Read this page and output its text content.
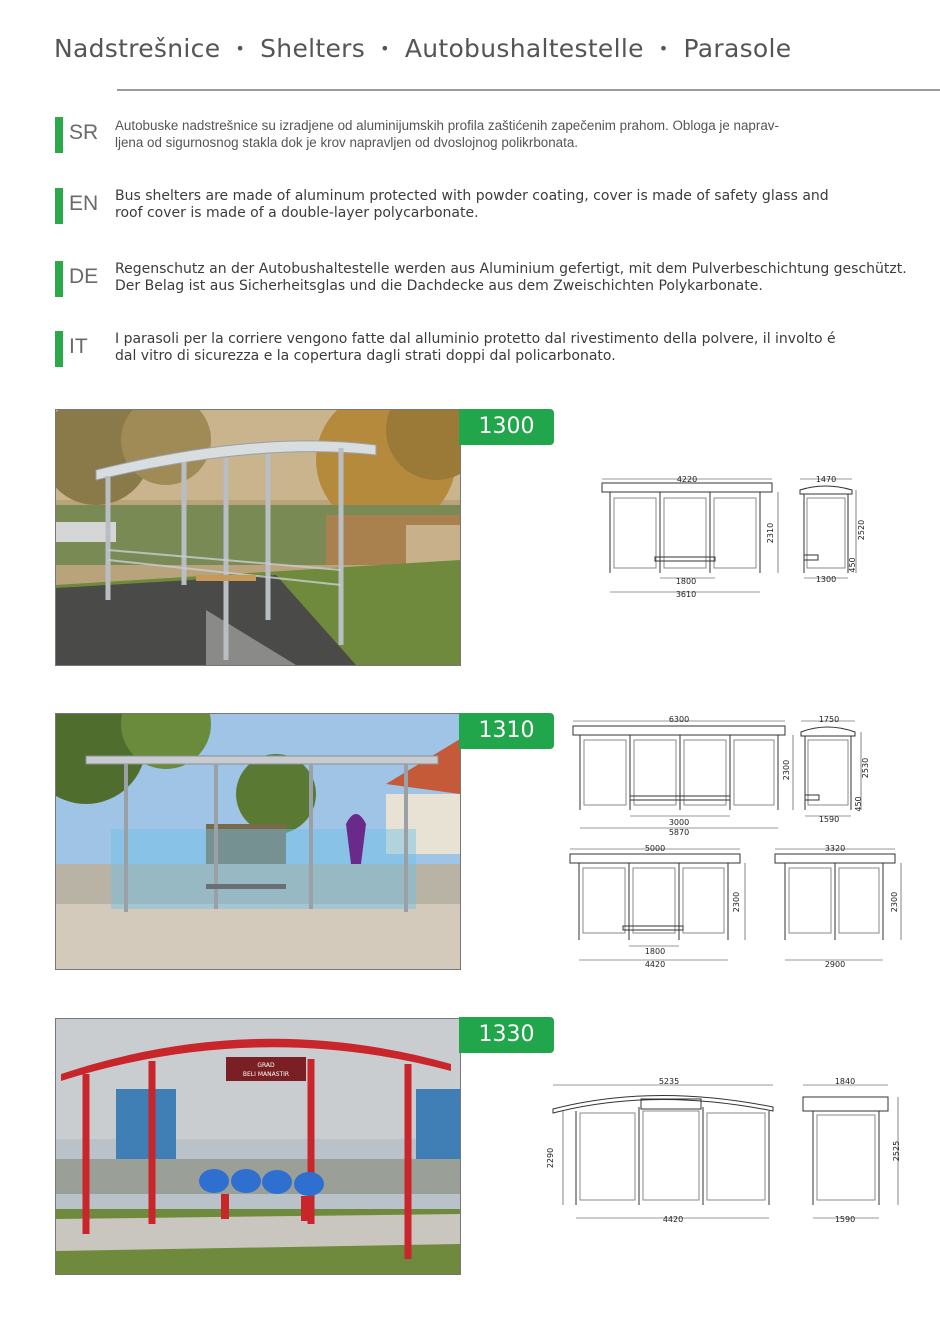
Nadstrešnice • Shelters • Autobushaltestelle • Parasole
SR Autobuske nadstrešnice su izradjene od aluminijumskih profila zaštićenih zapečenim prahom. Obloga je naprav-
ljena od sigurnosnog stakla dok je krov napravljen od dvoslojnog polikrbonata.
EN Bus shelters are made of aluminum protected with powder coating, cover is made of safety glass and
roof cover is made of a double-layer polycarbonate.
DE Regenschutz an der Autobushaltestelle werden aus Aluminium gefertigt, mit dem Pulverbeschichtung geschützt.
Der Belag ist aus Sicherheitsglas und die Dachdecke aus dem Zweischichten Polykarbonate.
IT I parasoli per la corriere vengono fatte dal alluminio protetto dal rivestimento della polvere, il involto é
dal vitro di sicurezza e la copertura dagli strati doppi dal policarbonato.
1300
4220
1800
3610
2310
1470
2520
450
1300
1310	6300
3000
5870
2300
1750
2530
450
1590
5000
1800
4420
2300
3320
2900
2300
GRAD
BELI MANASTIR
1330
5235
2290
4420
1840
2525
1590
